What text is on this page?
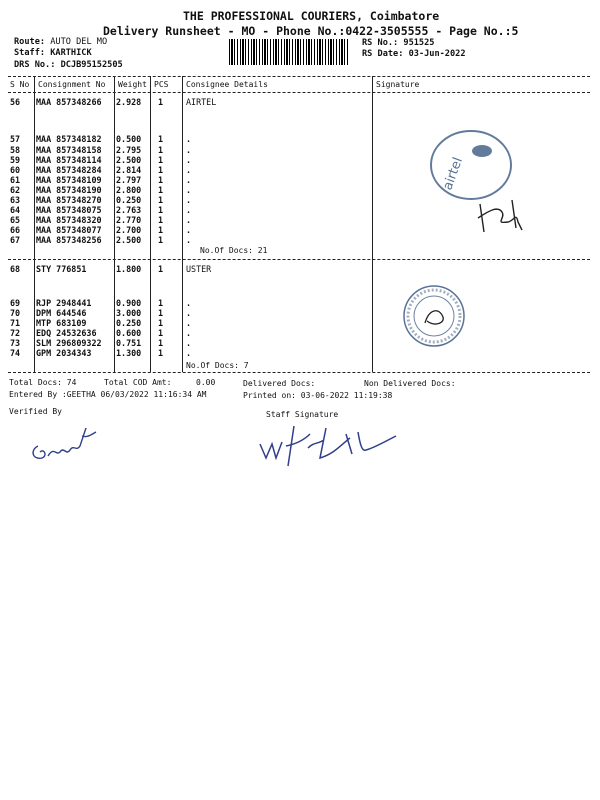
THE PROFESSIONAL COURIERS, Coimbatore
Delivery Runsheet - MO - Phone No.:0422-3505555 - Page No.:5
Route: AUTO DEL MO
Staff: KARTHICK
DRS No.: DCJB95152505
RS No.: 951525
RS Date: 03-Jun-2022
S No Consignment No Weight PCS Consignee Details	Signature
56 MAA 857348266 2.928 1	AIRTEL
57 MAA 857348182 0.500 1	.
58 MAA 857348158 2.795 1	.
59 MAA 857348114 2.500 1	.
60 MAA 857348284 2.814 1	.
61 MAA 857348109 2.797 1	.
62 MAA 857348190 2.800 1	.
63 MAA 857348270 0.250 1	.
64 MAA 857348075 2.763 1	.
65 MAA 857348320 2.770 1	.
66 MAA 857348077 2.700 1	.
67 MAA 857348256 2.500 1	.
No.Of Docs: 21
68 STY 776851	1.800 1	USTER
69 RJP 2948441	0.900 1	.
70 DPM 644546	3.000 1	.
71 MTP 683109	0.250 1	.
72 EDQ 24532636 0.600 1	.
73 SLM 296809322 0.751 1	.
74 GPM 2034343	1.300 1	.
No.Of Docs: 7
airtel
Total Docs: 74	Total COD Amt:	0.00	Delivered Docs:	Non Delivered Docs:
Entered By :GEETHA 06/03/2022 11:16:34 AM	Printed on: 03-06-2022 11:19:38
Verified By	Staff Signature
